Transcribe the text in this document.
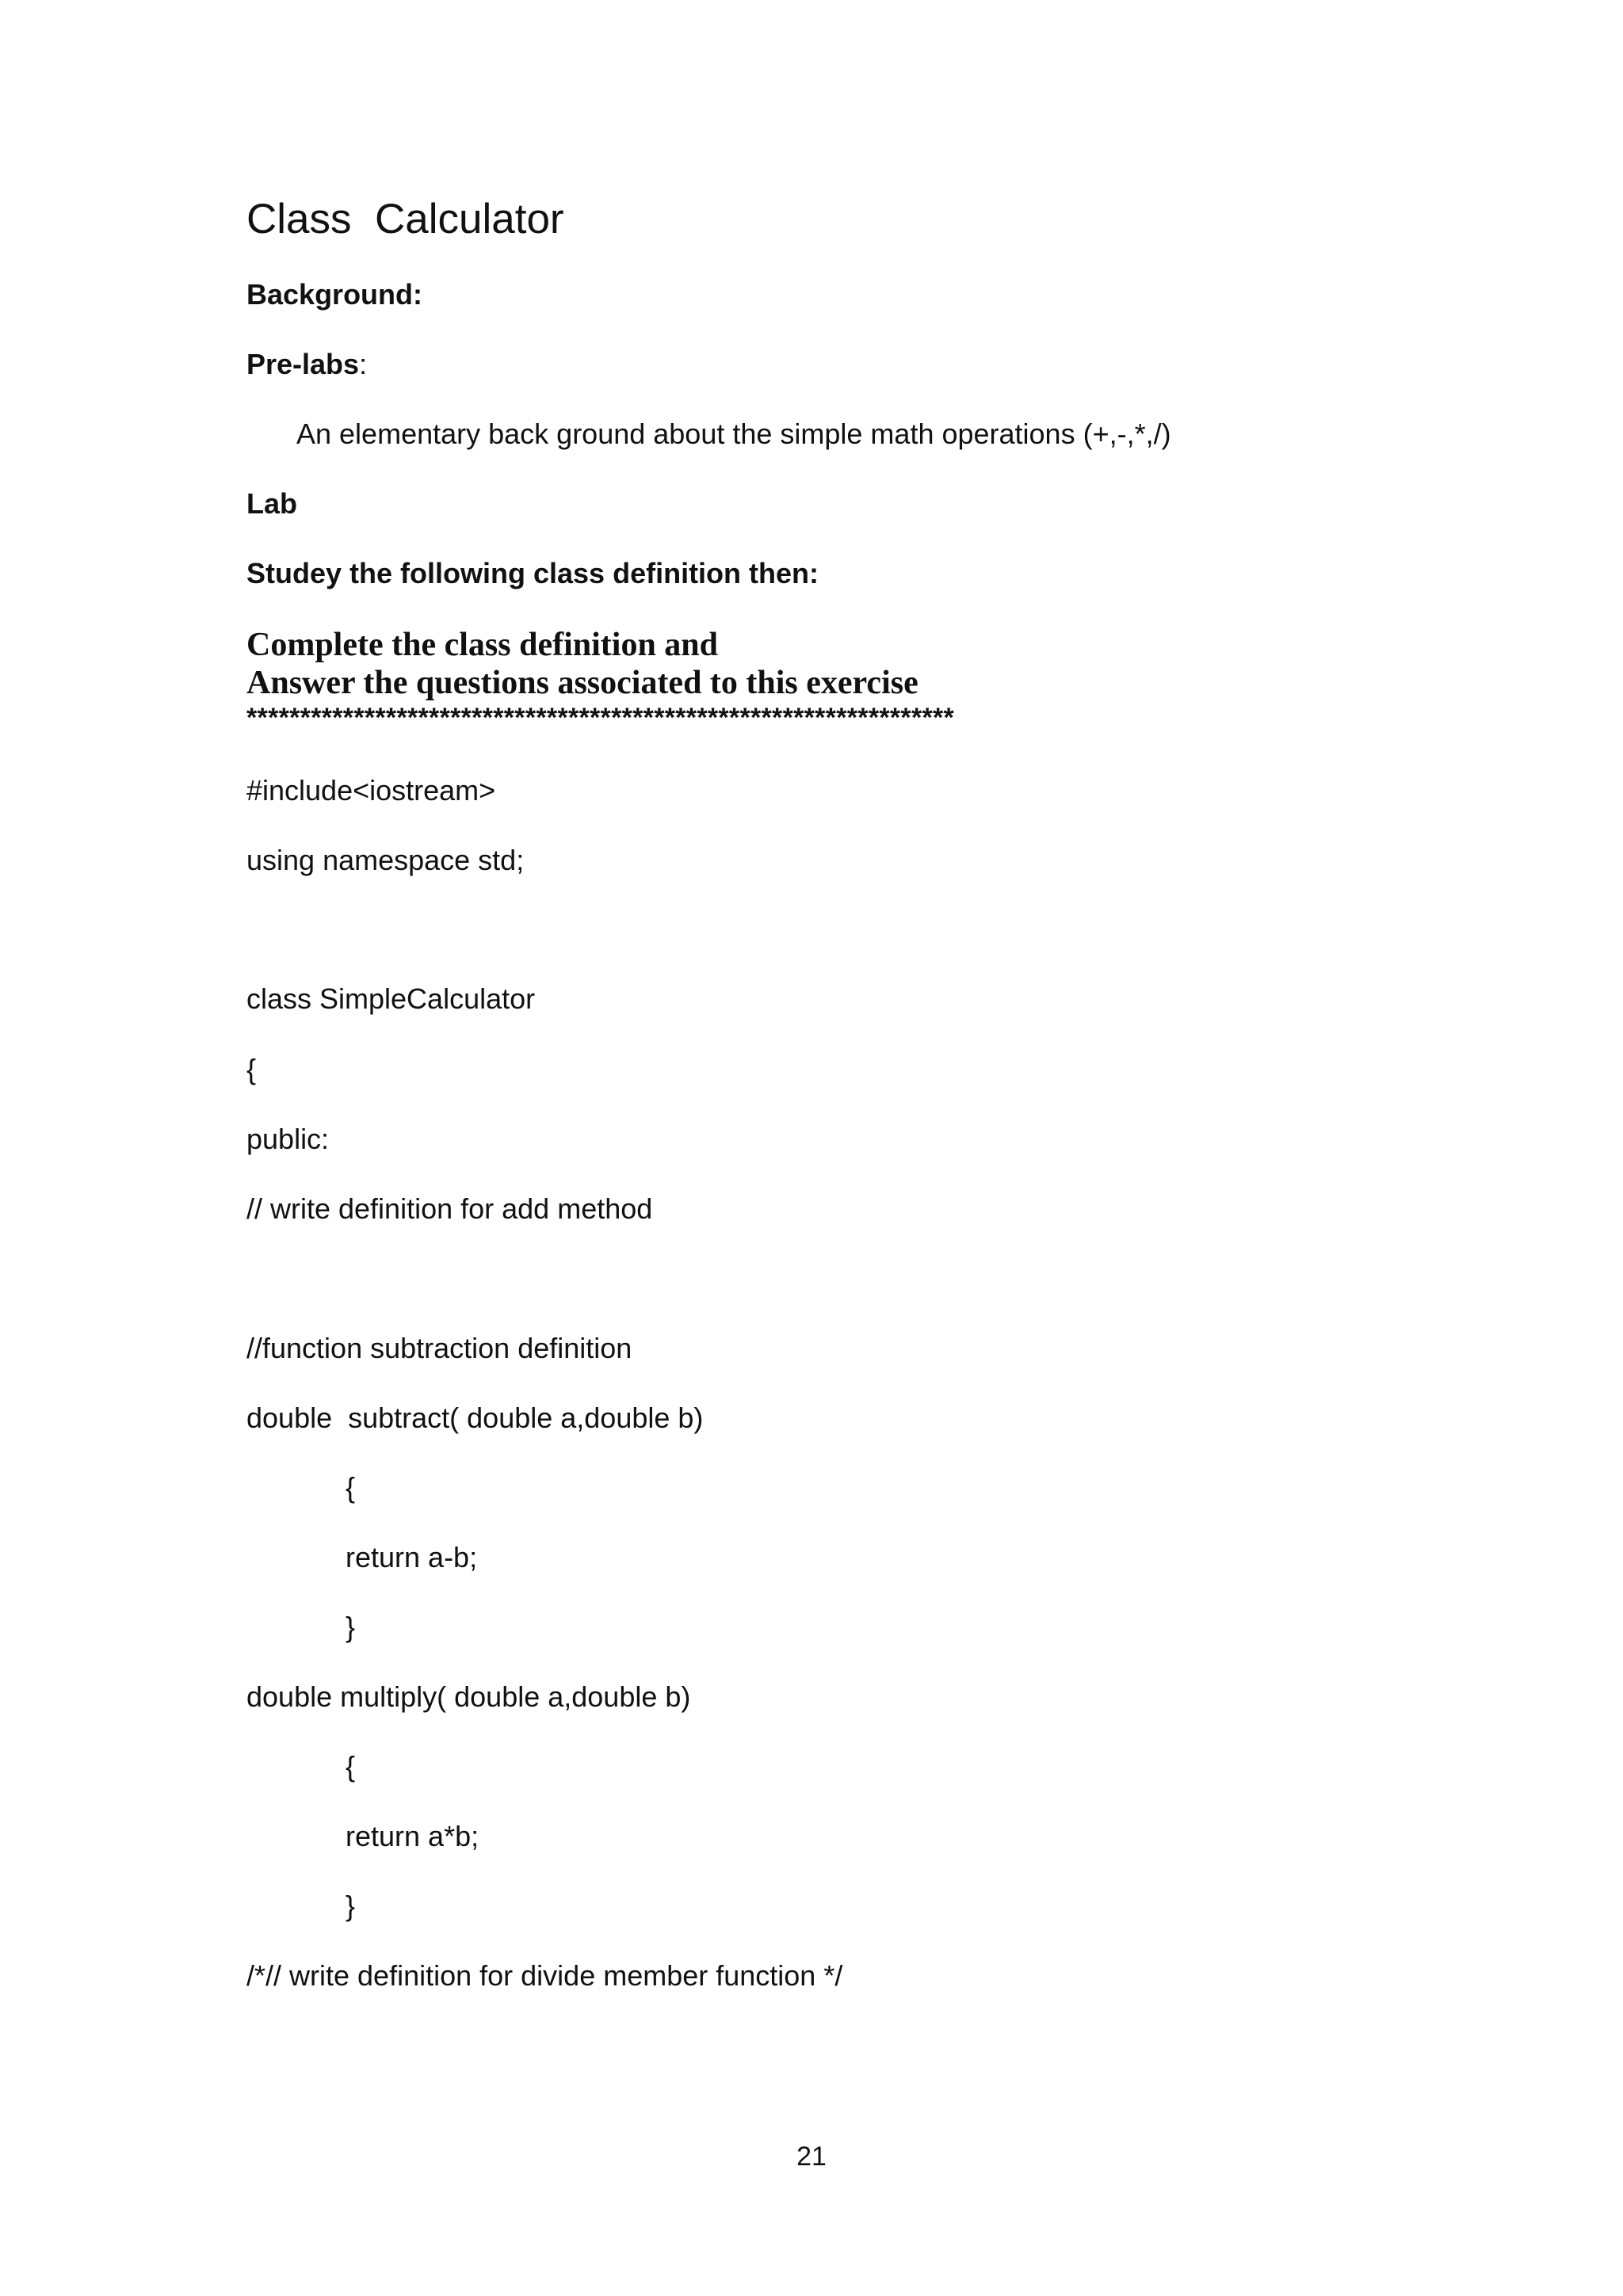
Class  Calculator
Background:
Pre-labs:
An elementary back ground about the simple math operations (+,-,*,/)
Lab
Studey the following class definition then:
Complete the class definition and
Answer the questions associated to this exercise
******************************************************************
#include<iostream>
using namespace std;
class SimpleCalculator
{
public:
// write definition for add method
//function subtraction definition
double  subtract( double a,double b)
{
return a-b;
}
double multiply( double a,double b)
{
return a*b;
}
/*// write definition for divide member function */
21
